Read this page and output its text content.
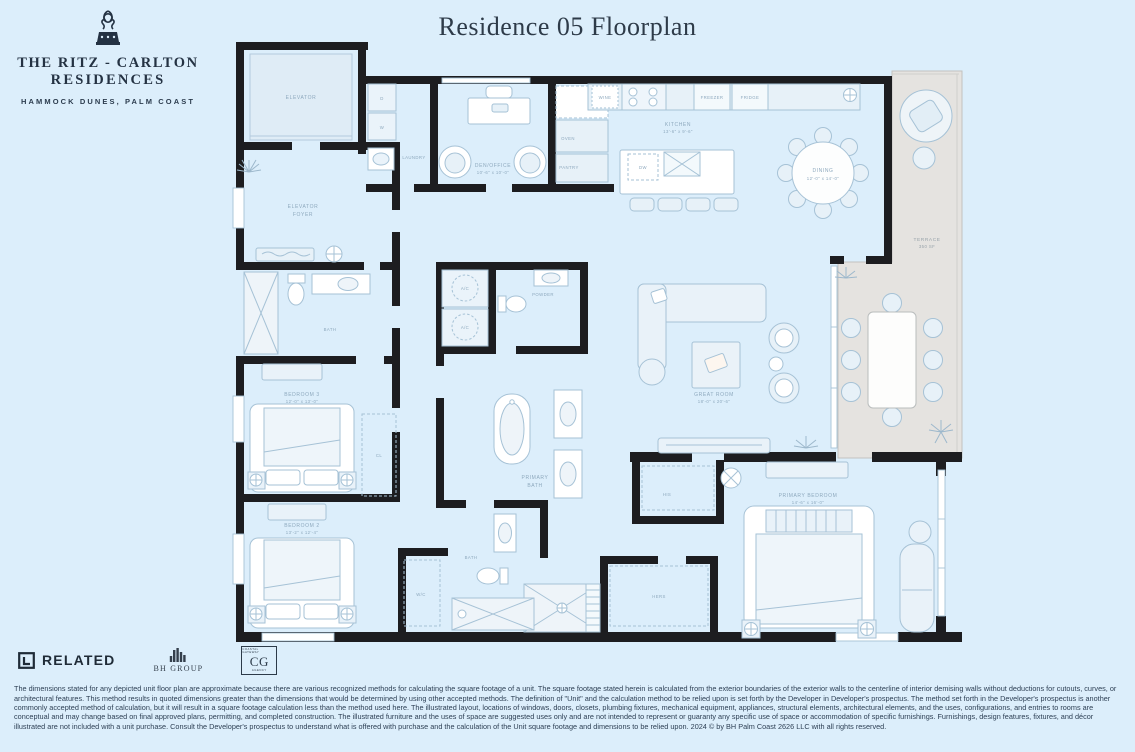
THE RITZ - CARLTON
RESIDENCES
HAMMOCK DUNES, PALM COAST
Residence 05 Floorplan
ELEVATOR
ELEVATOR
FOYER
D
W
LAUNDRY
DEN/OFFICE
10'-6" x 10'-0"
OVEN
PANTRY
WINE	FREEZER	FRIDGE
KITCHEN
13'-6" x 9'-6"
DW
DINING
12'-0" x 14'-0"
TERRACE
350 SF
GREAT ROOM
18'-0" x 20'-6"
BATH
BEDROOM 3
12'-0" x 13'-0"
CL
A/C
A/C
POWDER
PRIMARY
BATH
BEDROOM 2
13'-2" x 12'-4"
W/C
BATH
HIS
HERS
PRIMARY BEDROOM
14'-6" x 16'-0"
RELATED	BH GROUP
COASTAL GATEWAY
CG
AGENCY

The dimensions stated for any depicted unit floor plan are approximate because there are various recognized methods for calculating the square footage of a unit. The square footage stated herein is calculated from the exterior boundaries of the exterior walls to the centerline of interior demising walls without deductions for cutouts, curves, or architectural features. This method results in quoted dimensions greater than the dimensions that would be determined by using other accepted methods. The definition of "Unit" and the calculation method to be relied upon is set forth by the Developer in Developer's prospectus. The method set forth in the Developer's prospectus is another commonly accepted method of calculation, but it will result in a square footage calculation less than the method used here. The illustrated layout, locations of windows, doors, closets, plumbing fixtures, mechanical equipment, appliances, structural elements, architectural elements, and the uses, configurations, and entries to rooms are conceptual and may change based on final approved plans, permitting, and completed construction. The illustrated furniture and the uses of space are suggested uses only and are not intended to represent or guaranty any specific use of space or accommodation of specific furnishings. Furnishings, design features, fixtures, and décor illustrated are not included with a unit purchase. Consult the Developer's prospectus to understand what is offered with purchase and the calculation of the Unit square footage and dimensions to be relied upon. 2024 © by BH Palm Coast 2626 LLC with all rights reserved.
